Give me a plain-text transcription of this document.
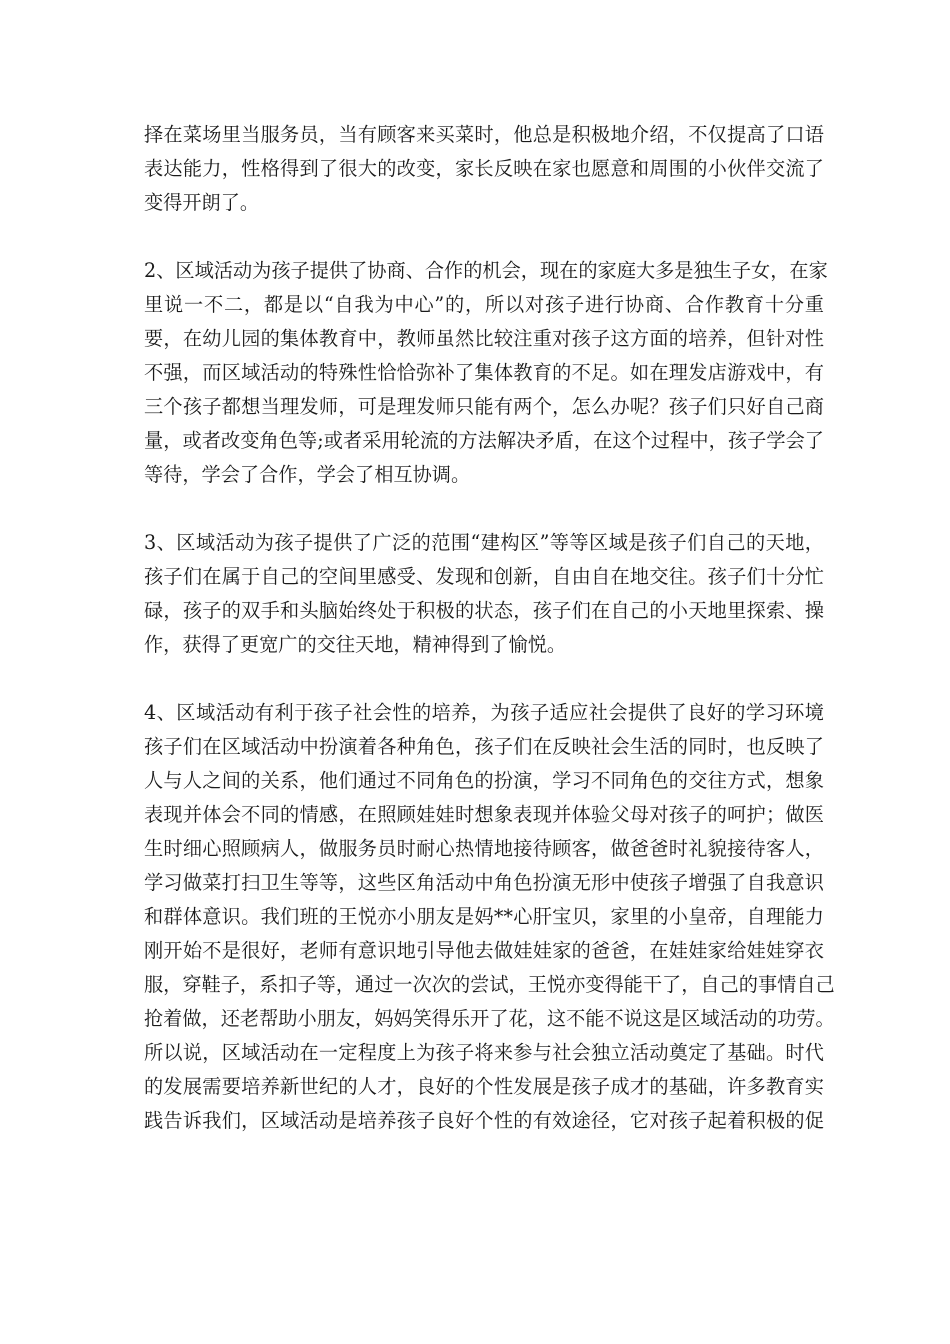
择在菜场里当服务员，当有顾客来买菜时，他总是积极地介绍，不仅提高了口语
表达能力，性格得到了很大的改变，家长反映在家也愿意和周围的小伙伴交流了
变得开朗了。
2、区域活动为孩子提供了协商、合作的机会，现在的家庭大多是独生子女，在家
里说一不二，都是以“自我为中心”的，所以对孩子进行协商、合作教育十分重
要，在幼儿园的集体教育中，教师虽然比较注重对孩子这方面的培养，但针对性
不强，而区域活动的特殊性恰恰弥补了集体教育的不足。如在理发店游戏中，有
三个孩子都想当理发师，可是理发师只能有两个，怎么办呢？孩子们只好自己商
量，或者改变角色等;或者采用轮流的方法解决矛盾，在这个过程中，孩子学会了
等待，学会了合作，学会了相互协调。
3、区域活动为孩子提供了广泛的范围“建构区”等等区域是孩子们自己的天地，
孩子们在属于自己的空间里感受、发现和创新，自由自在地交往。孩子们十分忙
碌，孩子的双手和头脑始终处于积极的状态，孩子们在自己的小天地里探索、操
作，获得了更宽广的交往天地，精神得到了愉悦。
4、区域活动有利于孩子社会性的培养，为孩子适应社会提供了良好的学习环境
孩子们在区域活动中扮演着各种角色，孩子们在反映社会生活的同时，也反映了
人与人之间的关系，他们通过不同角色的扮演，学习不同角色的交往方式，想象
表现并体会不同的情感，在照顾娃娃时想象表现并体验父母对孩子的呵护；做医
生时细心照顾病人，做服务员时耐心热情地接待顾客，做爸爸时礼貌接待客人，
学习做菜打扫卫生等等，这些区角活动中角色扮演无形中使孩子增强了自我意识
和群体意识。我们班的王悦亦小朋友是妈**心肝宝贝，家里的小皇帝，自理能力
刚开始不是很好，老师有意识地引导他去做娃娃家的爸爸，在娃娃家给娃娃穿衣
服，穿鞋子，系扣子等，通过一次次的尝试，王悦亦变得能干了，自己的事情自己
抢着做，还老帮助小朋友，妈妈笑得乐开了花，这不能不说这是区域活动的功劳。
所以说，区域活动在一定程度上为孩子将来参与社会独立活动奠定了基础。时代
的发展需要培养新世纪的人才，良好的个性发展是孩子成才的基础，许多教育实
践告诉我们，区域活动是培养孩子良好个性的有效途径，它对孩子起着积极的促
